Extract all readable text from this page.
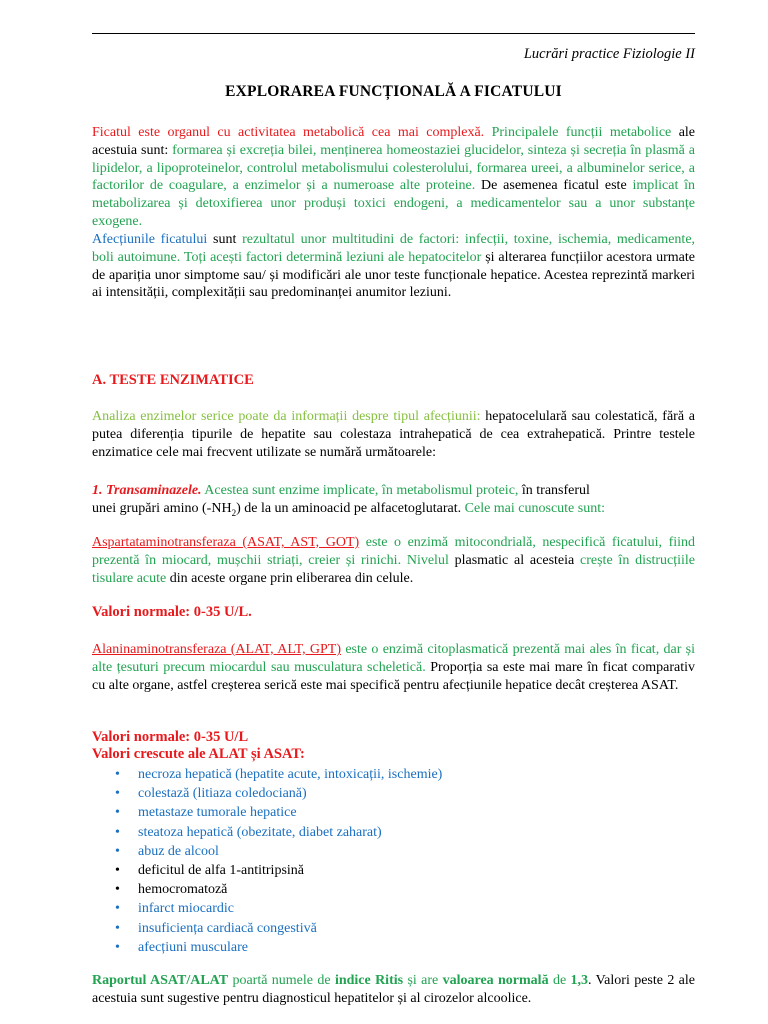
Lucrări practice Fiziologie II
EXPLORAREA FUNCȚIONALĂ A FICATULUI
Ficatul este organul cu activitatea metabolică cea mai complexă. Principalele funcții metabolice ale acestuia sunt: formarea și excreția bilei, menținerea homeostaziei glucidelor, sinteza și secreția în plasmă a lipidelor, a lipoproteinelor, controlul metabolismului colesterolului, formarea ureei, a albuminelor serice, a factorilor de coagulare, a enzimelor și a numeroase alte proteine. De asemenea ficatul este implicat în metabolizarea și detoxifierea unor produși toxici endogeni, a medicamentelor sau a unor substanțe exogene.
Afecțiunile ficatului sunt rezultatul unor multitudini de factori: infecții, toxine, ischemia, medicamente, boli autoimune. Toți acești factori determină leziuni ale hepatocitelor și alterarea funcțiilor acestora urmate de apariția unor simptome sau/ și modificări ale unor teste funcționale hepatice. Acestea reprezintă markeri ai intensității, complexității sau predominanței anumitor leziuni.
A. TESTE ENZIMATICE
Analiza enzimelor serice poate da informații despre tipul afecțiunii: hepatocelulară sau colestatică, fără a putea diferenția tipurile de hepatite sau colestaza intrahepatică de cea extrahepatică. Printre testele enzimatice cele mai frecvent utilizate se numără următoarele:
1. Transaminazele. Acestea sunt enzime implicate, în metabolismul proteic, în transferul
unei grupări amino $(-NH_2)$ de la un aminoacid pe alfacetoglutarat. Cele mai cunoscute sunt:
Aspartataminotransferaza (ASAT, AST, GOT) este o enzimă mitocondrială, nespecifică ficatului, fiind prezentă în miocard, mușchii striați, creier și rinichi. Nivelul plasmatic al acesteia crește în distrucțiile tisulare acute din aceste organe prin eliberarea din celule.
Valori normale: 0-35 U/L.
Alaninaminotransferaza (ALAT, ALT, GPT) este o enzimă citoplasmatică prezentă mai ales în ficat, dar și alte țesuturi precum miocardul sau musculatura scheletică. Proporția sa este mai mare în ficat comparativ cu alte organe, astfel creșterea serică este mai specifică pentru afecțiunile hepatice decât creșterea ASAT.
Valori normale: 0-35 U/L
Valori crescute ale ALAT și ASAT:
• necroza hepatică (hepatite acute, intoxicații, ischemie)
• colestază (litiaza coledociană)
• metastaze tumorale hepatice
• steatoza hepatică (obezitate, diabet zaharat)
• abuz de alcool
• deficitul de alfa 1-antitripsină
• hemocromatoză
• infarct miocardic
• insuficiența cardiacă congestivă
• afecțiuni musculare
Raportul ASAT/ALAT poartă numele de indice Ritis și are valoarea normală de 1,3. Valori peste 2 ale acestuia sunt sugestive pentru diagnosticul hepatitelor și al cirozelor alcoolice.
